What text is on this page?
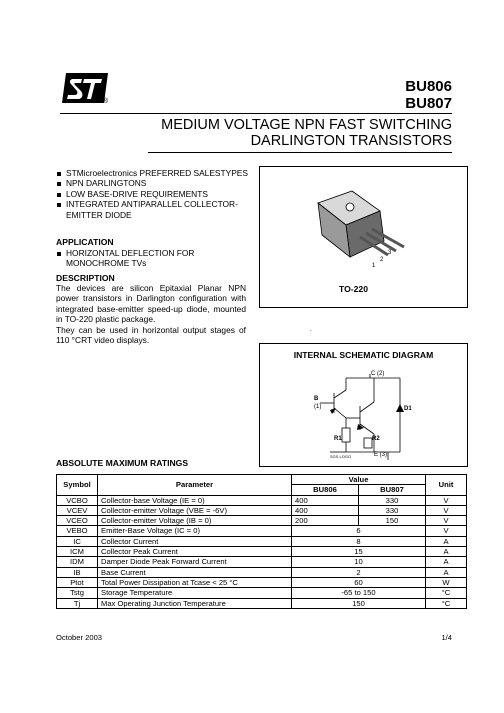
®
BU806
BU807
MEDIUM VOLTAGE NPN FAST SWITCHING
DARLINGTON TRANSISTORS
STMicroelectronics PREFERRED SALESTYPES
NPN DARLINGTONS
LOW BASE-DRIVE REQUIREMENTS
INTEGRATED ANTIPARALLEL COLLECTOR-EMITTER DIODE
APPLICATION
HORIZONTAL DEFLECTION FOR MONOCHROME TVs
DESCRIPTION
The devices are silicon Epitaxial Planar NPN power transistors in Darlington configuration with integrated base-emitter speed-up diode, mounted in TO-220 plastic package.
They can be used in horizontal output stages of 110 °CRT video displays.
1
2
3
TO-220
.
INTERNAL SCHEMATIC DIAGRAM
C (2)
B
(1)	D1
R1	R2
E (3)
SGS LOGO
ABSOLUTE MAXIMUM RATINGS
Symbol	Parameter	Value		Unit
		BU806	BU807	
VCBO	Collector-base Voltage (IE = 0)	400	330	V
VCEV	Collector-emitter Voltage (VBE = -6V)	400	330	V
VCEO	Collector-emitter Voltage (IB = 0)	200	150	V
VEBO	Emitter-Base Voltage (IC = 0)	6		V
IC	Collector Current	8		A
ICM	Collector Peak Current	15		A
IDM	Damper Diode Peak Forward Current	10		A
IB	Base Current	2		A
Ptot	Total Power Dissipation at Tcase < 25 °C	60		W
Tstg	Storage Temperature	-65 to 150		°C
Tj	Max Operating Junction Temperature	150		°C
October 2003	1/4
